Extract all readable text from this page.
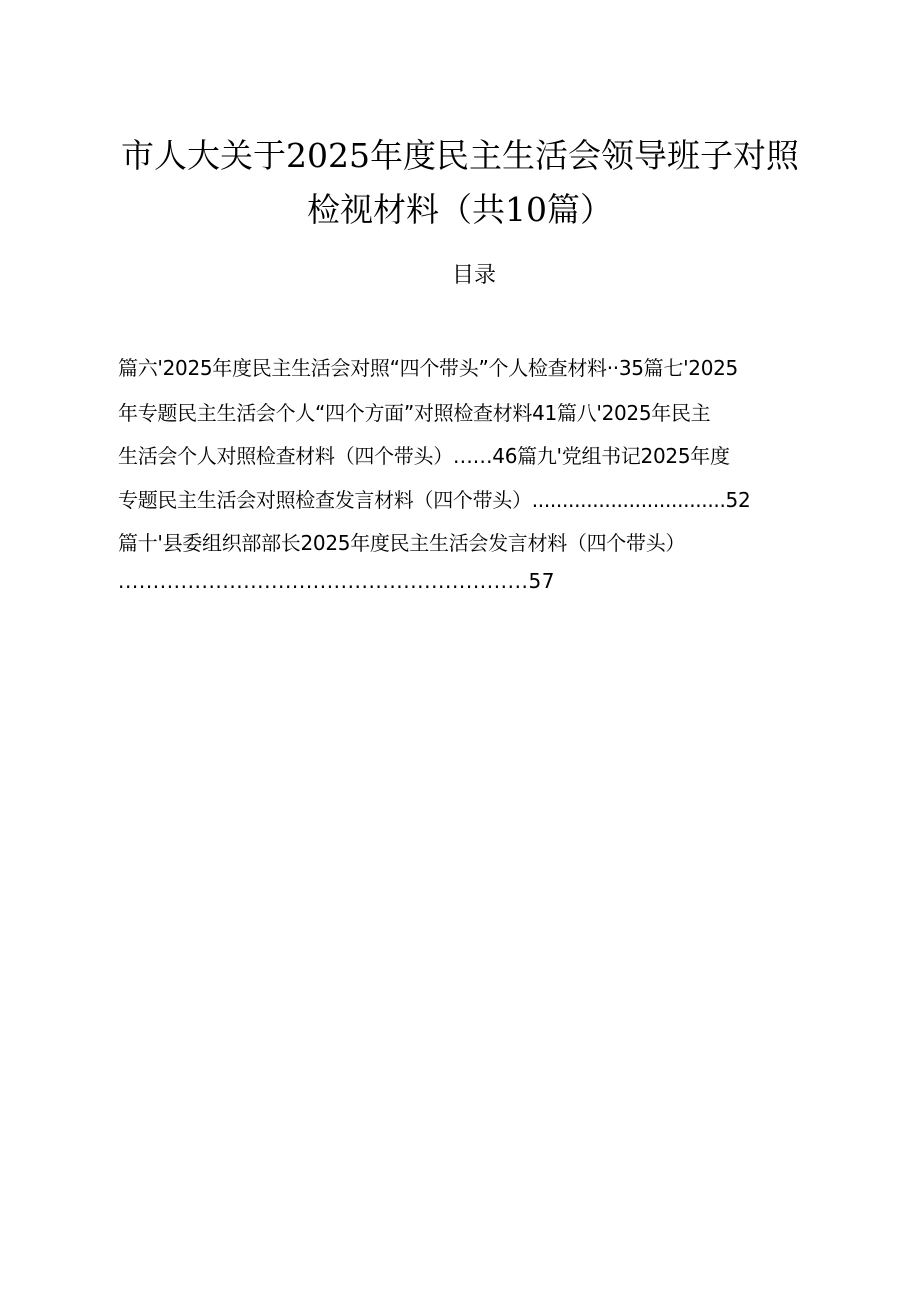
市人大关于2025年度民主生活会领导班子对照
检视材料（共10篇）
目录
篇六'2025年度民主生活会对照“四个带头”个人检查材料··35篇七'2025
年专题民主生活会个人“四个方面”对照检查材料41篇八'2025年民主
生活会个人对照检查材料（四个带头）……46篇九'党组书记2025年度
专题民主生活会对照检查发言材料（四个带头）................................52
篇十'县委组织部部长2025年度民主生活会发言材料（四个带头）
...........................................................57
